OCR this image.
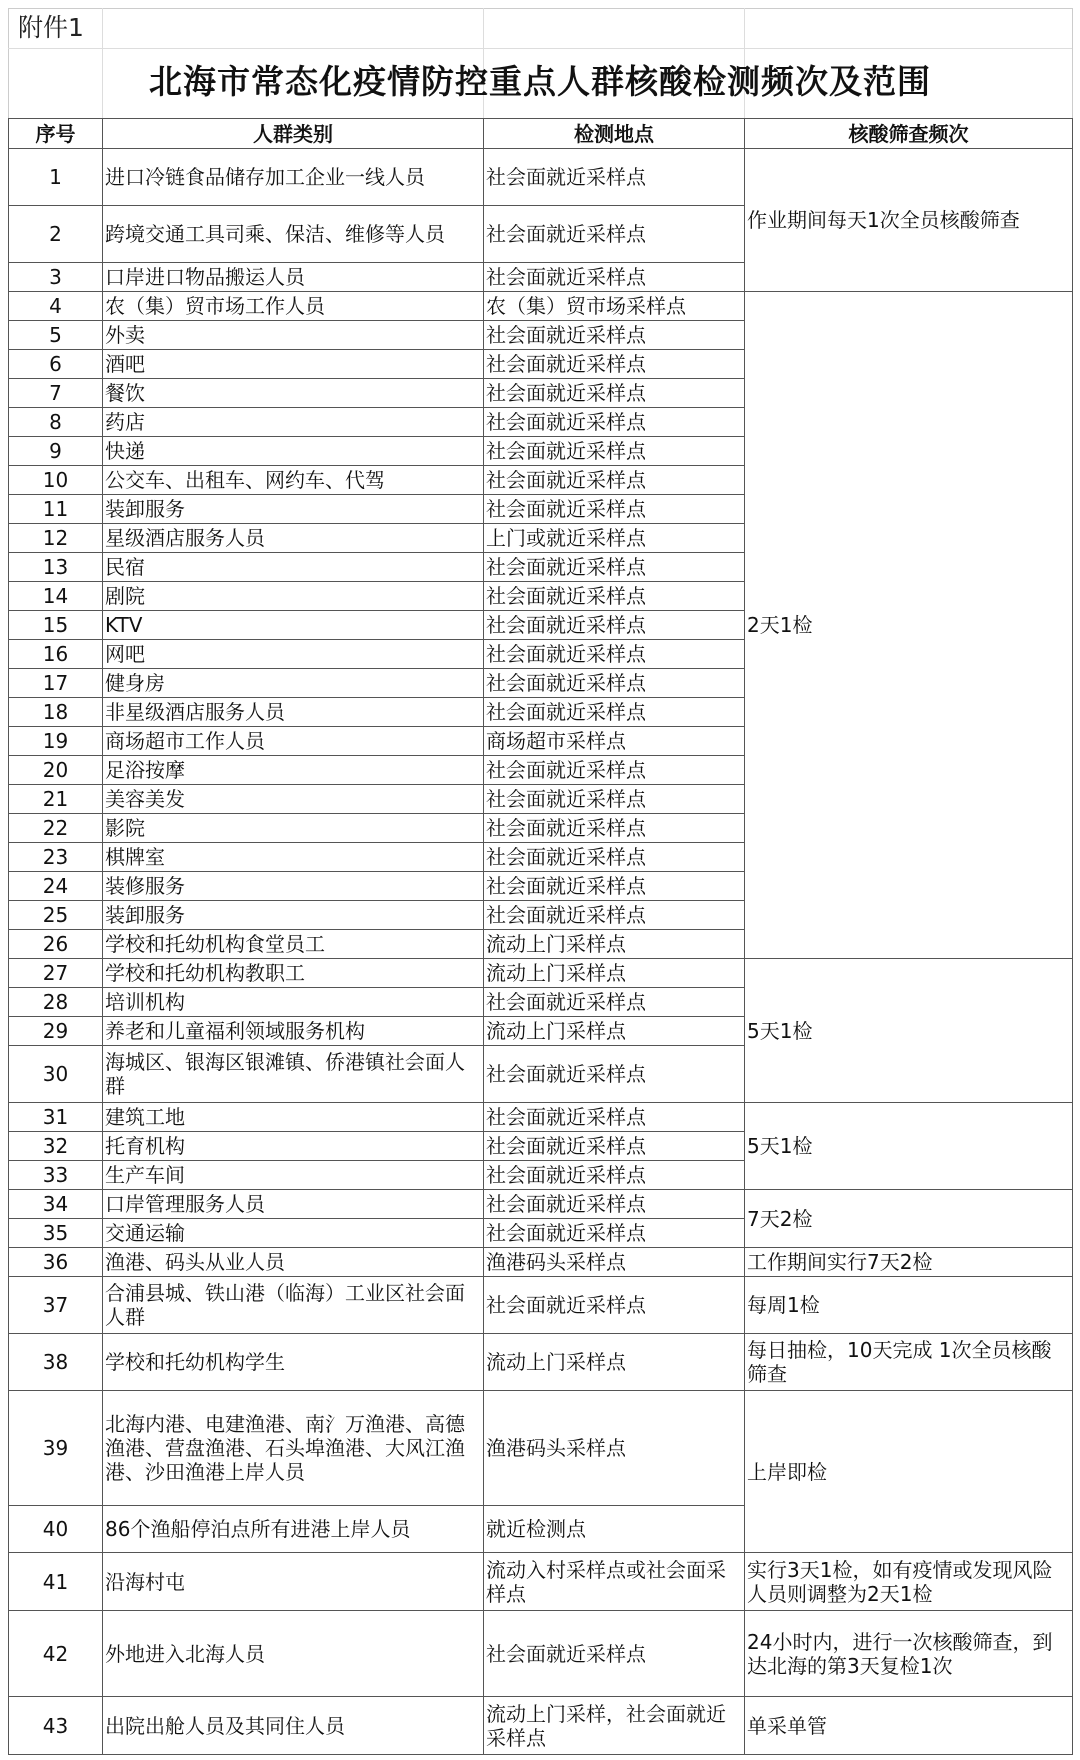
附件1
北海市常态化疫情防控重点人群核酸检测频次及范围
序号	人群类别	检测地点	核酸筛查频次
1	进口冷链食品储存加工企业一线人员	社会面就近采样点	作业期间每天1次全员核酸筛查
2	跨境交通工具司乘、保洁、维修等人员	社会面就近采样点	
3	口岸进口物品搬运人员	社会面就近采样点	
4	农（集）贸市场工作人员	农（集）贸市场采样点	2天1检
5	外卖	社会面就近采样点	
6	酒吧	社会面就近采样点	
7	餐饮	社会面就近采样点	
8	药店	社会面就近采样点	
9	快递	社会面就近采样点	
10	公交车、出租车、网约车、代驾	社会面就近采样点	
11	装卸服务	社会面就近采样点	
12	星级酒店服务人员	上门或就近采样点	
13	民宿	社会面就近采样点	
14	剧院	社会面就近采样点	
15	KTV	社会面就近采样点	
16	网吧	社会面就近采样点	
17	健身房	社会面就近采样点	
18	非星级酒店服务人员	社会面就近采样点	
19	商场超市工作人员	商场超市采样点	
20	足浴按摩	社会面就近采样点	
21	美容美发	社会面就近采样点	
22	影院	社会面就近采样点	
23	棋牌室	社会面就近采样点	
24	装修服务	社会面就近采样点	
25	装卸服务	社会面就近采样点	
26	学校和托幼机构食堂员工	流动上门采样点	
27	学校和托幼机构教职工	流动上门采样点	5天1检
28	培训机构	社会面就近采样点	
29	养老和儿童福利领域服务机构	流动上门采样点	
30	海城区、银海区银滩镇、侨港镇社会面人群	社会面就近采样点	
31	建筑工地	社会面就近采样点	5天1检
32	托育机构	社会面就近采样点	
33	生产车间	社会面就近采样点	
34	口岸管理服务人员	社会面就近采样点	7天2检
35	交通运输	社会面就近采样点	
36	渔港、码头从业人员	渔港码头采样点	工作期间实行7天2检
37	合浦县城、铁山港（临海）工业区社会面人群	社会面就近采样点	每周1检
38	学校和托幼机构学生	流动上门采样点	每日抽检，10天完成 1次全员核酸筛查
39	北海内港、电建渔港、南氵万渔港、高德渔港、营盘渔港、石头埠渔港、大风江渔港、沙田渔港上岸人员	渔港码头采样点	上岸即检
40	86个渔船停泊点所有进港上岸人员	就近检测点	
41	沿海村屯	流动入村采样点或社会面采样点	实行3天1检，如有疫情或发现风险人员则调整为2天1检
42	外地进入北海人员	社会面就近采样点	24小时内，进行一次核酸筛查，到达北海的第3天复检1次
43	出院出舱人员及其同住人员	流动上门采样，社会面就近采样点	单采单管
